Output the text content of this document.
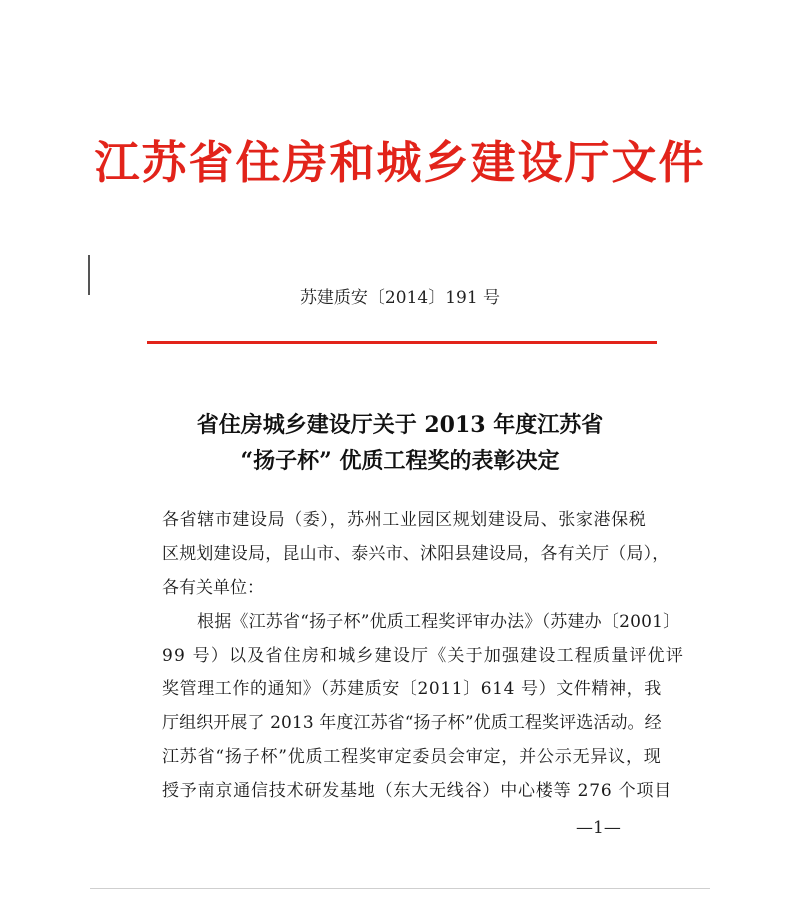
江苏省住房和城乡建设厅文件
苏建质安〔2014〕191 号
省住房城乡建设厅关于 2013 年度江苏省
“扬子杯” 优质工程奖的表彰决定
各省辖市建设局（委），苏州工业园区规划建设局、张家港保税
区规划建设局，昆山市、泰兴市、沭阳县建设局，各有关厅（局），
各有关单位：
根据《江苏省“扬子杯”优质工程奖评审办法》（苏建办〔2001〕
99 号）以及省住房和城乡建设厅《关于加强建设工程质量评优评
奖管理工作的通知》（苏建质安〔2011〕614 号）文件精神，我
厅组织开展了 2013 年度江苏省“扬子杯”优质工程奖评选活动。经
江苏省“扬子杯”优质工程奖审定委员会审定，并公示无异议，现
授予南京通信技术研发基地（东大无线谷）中心楼等 276 个项目
—1—
